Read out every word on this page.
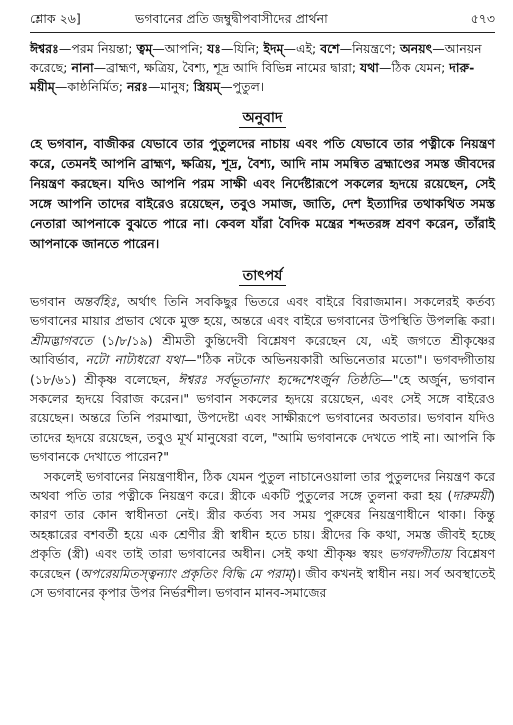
শ্লোক ২৬]	ভগবানের প্রতি জম্বুদ্বীপবাসীদের প্রার্থনা	৫৭৩
ঈশ্বরঃ—পরম নিয়ন্তা; ত্বম্—আপনি; যঃ—যিনি; ইদম্—এই; বশে—নিয়ন্ত্রণে; অনয়ৎ—আনয়ন করেছে; নানা—ব্রাহ্মণ, ক্ষত্রিয়, বৈশ্য, শূদ্র আদি বিভিন্ন নামের দ্বারা; যথা—ঠিক যেমন; দারু-ময়ীম্—কাষ্ঠনির্মিত; নরঃ—মানুষ; স্ত্রিয়ম্—পুতুল।
অনুবাদ
হে ভগবান, বাজীকর যেভাবে তার পুতুলদের নাচায় এবং পতি যেভাবে তার পত্নীকে নিয়ন্ত্রণ করে, তেমনই আপনি ব্রাহ্মণ, ক্ষত্রিয়, শূদ্র, বৈশ্য, আদি নাম সমন্বিত ব্রহ্মাণ্ডের সমস্ত জীবদের নিয়ন্ত্রণ করছেন। যদিও আপনি পরম সাক্ষী এবং নির্দেষ্টারূপে সকলের হৃদয়ে রয়েছেন, সেই সঙ্গে আপনি তাদের বাইরেও রয়েছেন, তবুও সমাজ, জাতি, দেশ ইত্যাদির তথাকথিত সমস্ত নেতারা আপনাকে বুঝতে পারে না। কেবল যাঁরা বৈদিক মন্ত্রের শব্দতরঙ্গ শ্রবণ করেন, তাঁরাই আপনাকে জানতে পারেন।
তাৎপর্য

ভগবান অন্তর্বহিঃ, অর্থাৎ তিনি সবকিছুর ভিতরে এবং বাইরে বিরাজমান। সকলেরই কর্তব্য ভগবানের মায়ার প্রভাব থেকে মুক্ত হয়ে, অন্তরে এবং বাইরে ভগবানের উপস্থিতি উপলব্ধি করা। শ্রীমদ্ভাগবতে (১/৮/১৯) শ্রীমতী কুন্তিদেবী বিশ্লেষণ করেছেন যে, এই জগতে শ্রীকৃষ্ণের আবির্ভাব, নটো নাট্যধরো যথা—"ঠিক নটকে অভিনয়কারী অভিনেতার মতো"। ভগবদ্গীতায় (১৮/৬১) শ্রীকৃষ্ণ বলেছেন, ঈশ্বরঃ সর্বভূতানাং হৃদ্দেশেঽর্জুন তিষ্ঠতি—"হে অর্জুন, ভগবান সকলের হৃদয়ে বিরাজ করেন।" ভগবান সকলের হৃদয়ে রয়েছেন, এবং সেই সঙ্গে বাইরেও রয়েছেন। অন্তরে তিনি পরমাত্মা, উপদেষ্টা এবং সাক্ষীরূপে ভগবানের অবতার। ভগবান যদিও তাদের হৃদয়ে রয়েছেন, তবুও মূর্খ মানুষেরা বলে, "আমি ভগবানকে দেখতে পাই না। আপনি কি ভগবানকে দেখাতে পারেন?"

সকলেই ভগবানের নিয়ন্ত্রণাধীন, ঠিক যেমন পুতুল নাচানেওয়ালা তার পুতুলদের নিয়ন্ত্রণ করে অথবা পতি তার পত্নীকে নিয়ন্ত্রণ করে। স্ত্রীকে একটি পুতুলের সঙ্গে তুলনা করা হয় (দারুময়ী) কারণ তার কোন স্বাধীনতা নেই। স্ত্রীর কর্তব্য সব সময় পুরুষের নিয়ন্ত্রণাধীনে থাকা। কিন্তু অহঙ্কারের বশবর্তী হয়ে এক শ্রেণীর স্ত্রী স্বাধীন হতে চায়। স্ত্রীদের কি কথা, সমস্ত জীবই হচ্ছে প্রকৃতি (স্ত্রী) এবং তাই তারা ভগবানের অধীন। সেই কথা শ্রীকৃষ্ণ স্বয়ং ভগবদ্গীতায় বিশ্লেষণ করেছেন (অপরেয়মিতস্ত্বন্যাং প্রকৃতিং বিদ্ধি মে পরাম্)। জীব কখনই স্বাধীন নয়। সর্ব অবস্থাতেই সে ভগবানের কৃপার উপর নির্ভরশীল। ভগবান মানব-সমাজের
